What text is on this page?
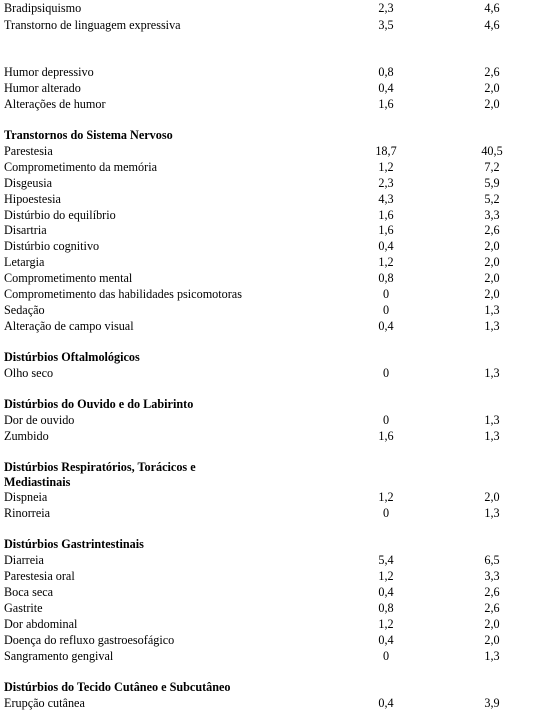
Bradipsiquismo	2,3	4,6
Transtorno de linguagem expressiva	3,5	4,6
Humor depressivo	0,8	2,6
Humor alterado	0,4	2,0
Alterações de humor	1,6	2,0
Transtornos do Sistema Nervoso
Parestesia	18,7	40,5
Comprometimento da memória	1,2	7,2
Disgeusia	2,3	5,9
Hipoestesia	4,3	5,2
Distúrbio do equilíbrio	1,6	3,3
Disartria	1,6	2,6
Distúrbio cognitivo	0,4	2,0
Letargia	1,2	2,0
Comprometimento mental	0,8	2,0
Comprometimento das habilidades psicomotoras	0	2,0
Sedação	0	1,3
Alteração de campo visual	0,4	1,3
Distúrbios Oftalmológicos
Olho seco	0	1,3
Distúrbios do Ouvido e do Labirinto
Dor de ouvido	0	1,3
Zumbido	1,6	1,3
Distúrbios Respiratórios, Torácicos e Mediastinais
Dispneia	1,2	2,0
Rinorreia	0	1,3
Distúrbios Gastrintestinais
Diarreia	5,4	6,5
Parestesia oral	1,2	3,3
Boca seca	0,4	2,6
Gastrite	0,8	2,6
Dor abdominal	1,2	2,0
Doença do refluxo gastroesofágico	0,4	2,0
Sangramento gengival	0	1,3
Distúrbios do Tecido Cutâneo e Subcutâneo
Erupção cutânea	0,4	3,9
